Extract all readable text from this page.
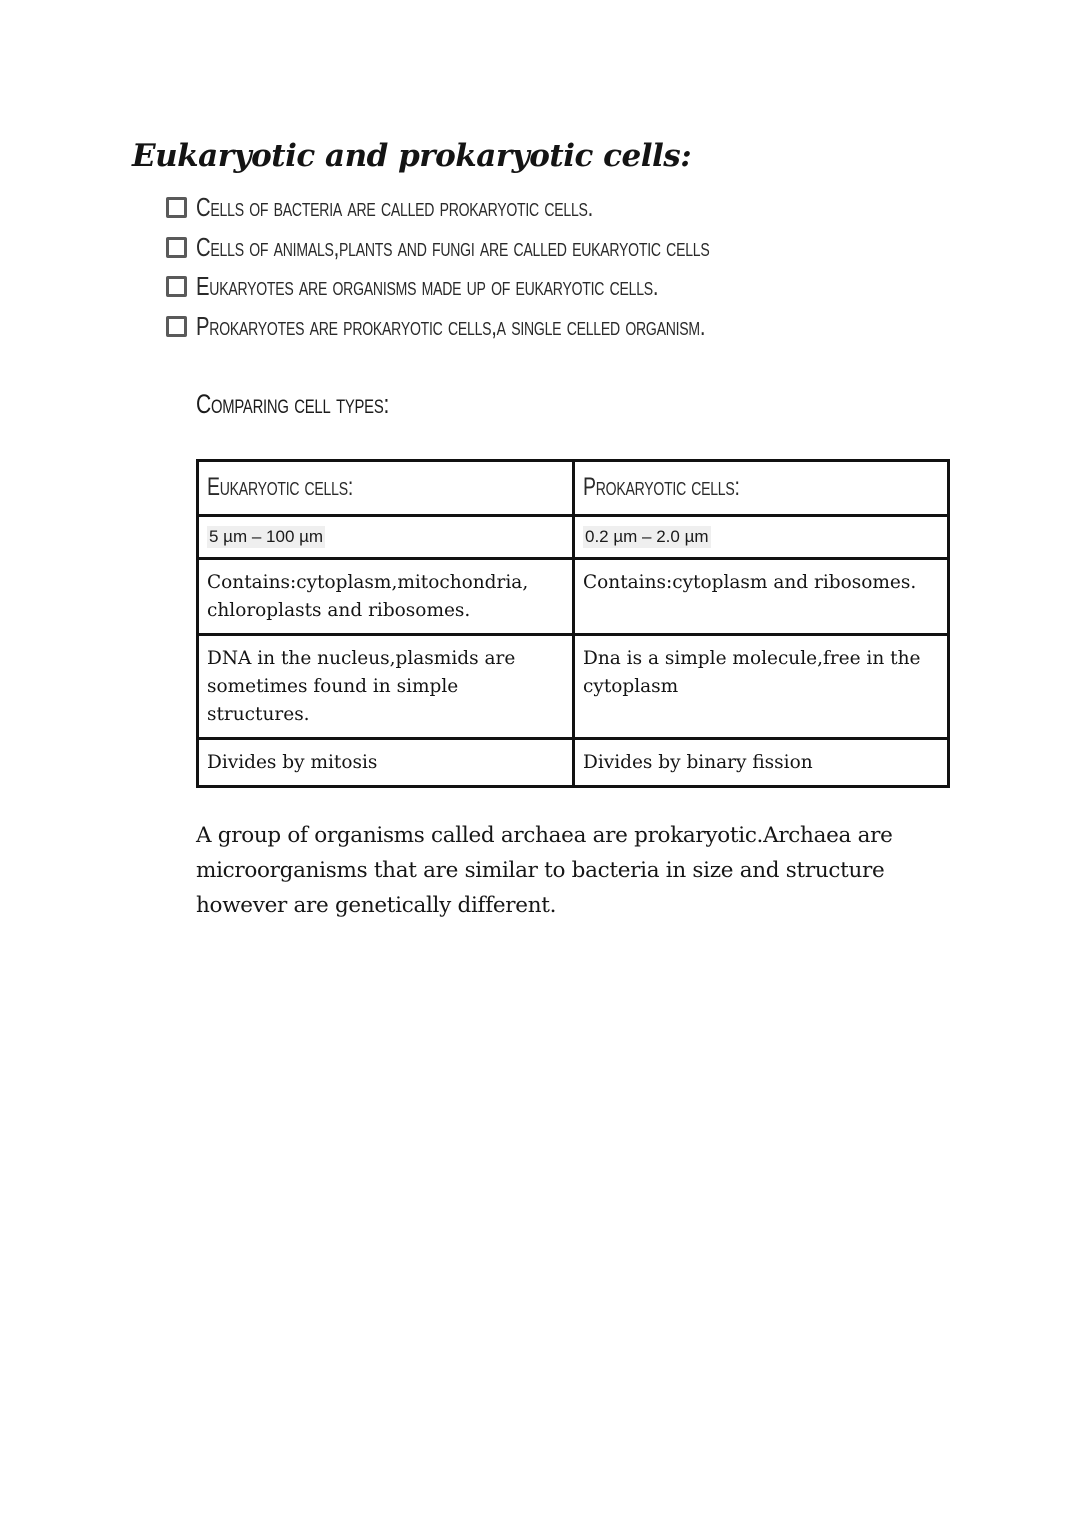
Eukaryotic and prokaryotic cells:
Cells of bacteria are called prokaryotic cells.
Cells of animals,plants and fungi are called eukaryotic cells
Eukaryotes are organisms made up of eukaryotic cells.
Prokaryotes are prokaryotic cells,a single celled organism.
Comparing cell types:
Eukaryotic cells:	Prokaryotic cells:
5 µm – 100 µm	0.2 µm – 2.0 µm
Contains:cytoplasm,mitochondria, chloroplasts and ribosomes.	Contains:cytoplasm and ribosomes.
DNA in the nucleus,plasmids are sometimes found in simple structures.	Dna is a simple molecule,free in the cytoplasm
Divides by mitosis	Divides by binary fission

A group of organisms called archaea are prokaryotic.Archaea are microorganisms that are similar to bacteria in size and structure however are genetically different.
